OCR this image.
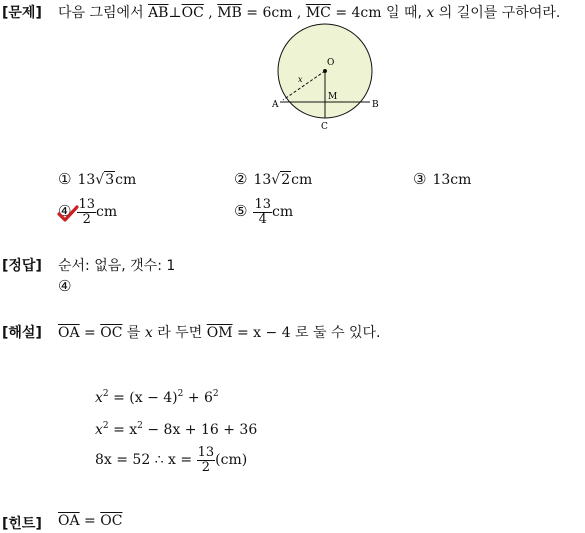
[문제] 다음 그림에서 $\overline{AB}\perp\overline{OC}$ , $\overline{MB} = 6cm$ , $\overline{MC} = 4cm$ 일 때, x 의 길이를 구하여라.
O
x
M
A	B
C
① 13√3cm	② 13√2cm	③ 13cm
④ $\frac{13}{2}$ cm	⑤ $\frac{13}{4}$ cm
[정답] 순서: 없음, 갯수: 1
④
[해설] $\overline{OA} = \overline{OC}$ 를 x 라 두면 $\overline{OM} = x - 4$ 로 둘 수 있다.
$x^2 = (x - 4)^2 + 6^2$
$x^2 = x^2 - 8x + 16 + 36$
8x = 52 ∴ $x = \frac{13}{2} (cm)$
[힌트] $\overline{OA} = \overline{OC}$
